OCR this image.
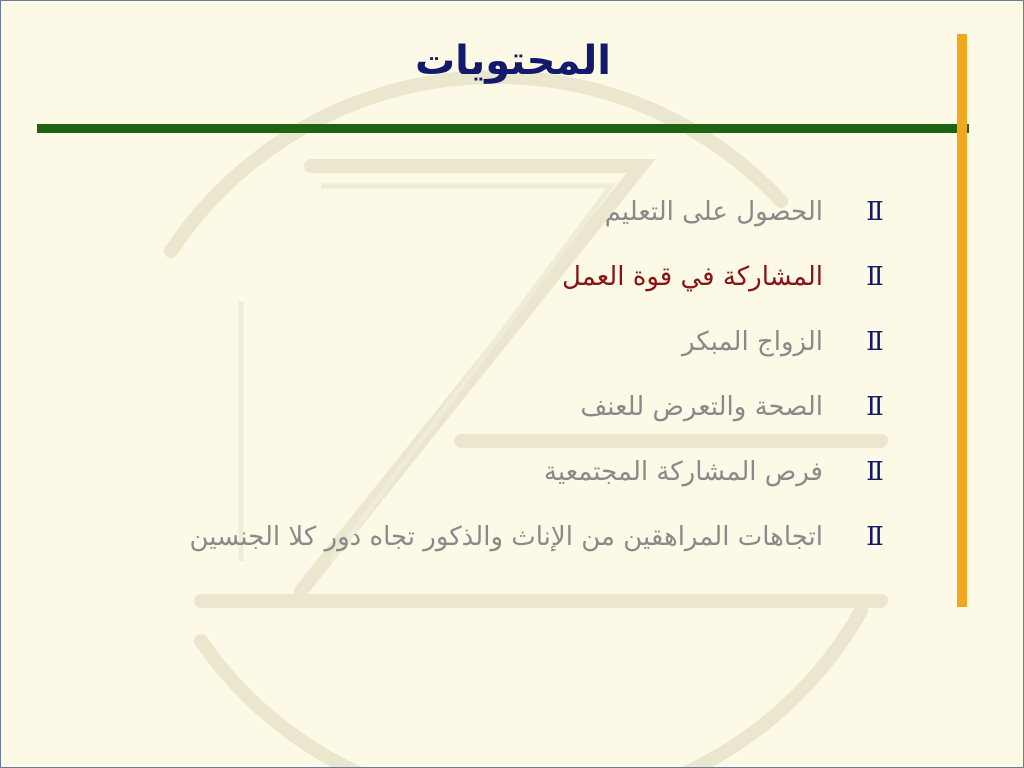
المحتويات
Ⅱ
الحصول على التعليم
Ⅱ
المشاركة في قوة العمل
Ⅱ
الزواج المبكر
Ⅱ
الصحة والتعرض للعنف
Ⅱ
فرص المشاركة المجتمعية
Ⅱ
اتجاهات المراهقين من الإناث والذكور تجاه دور كلا الجنسين
